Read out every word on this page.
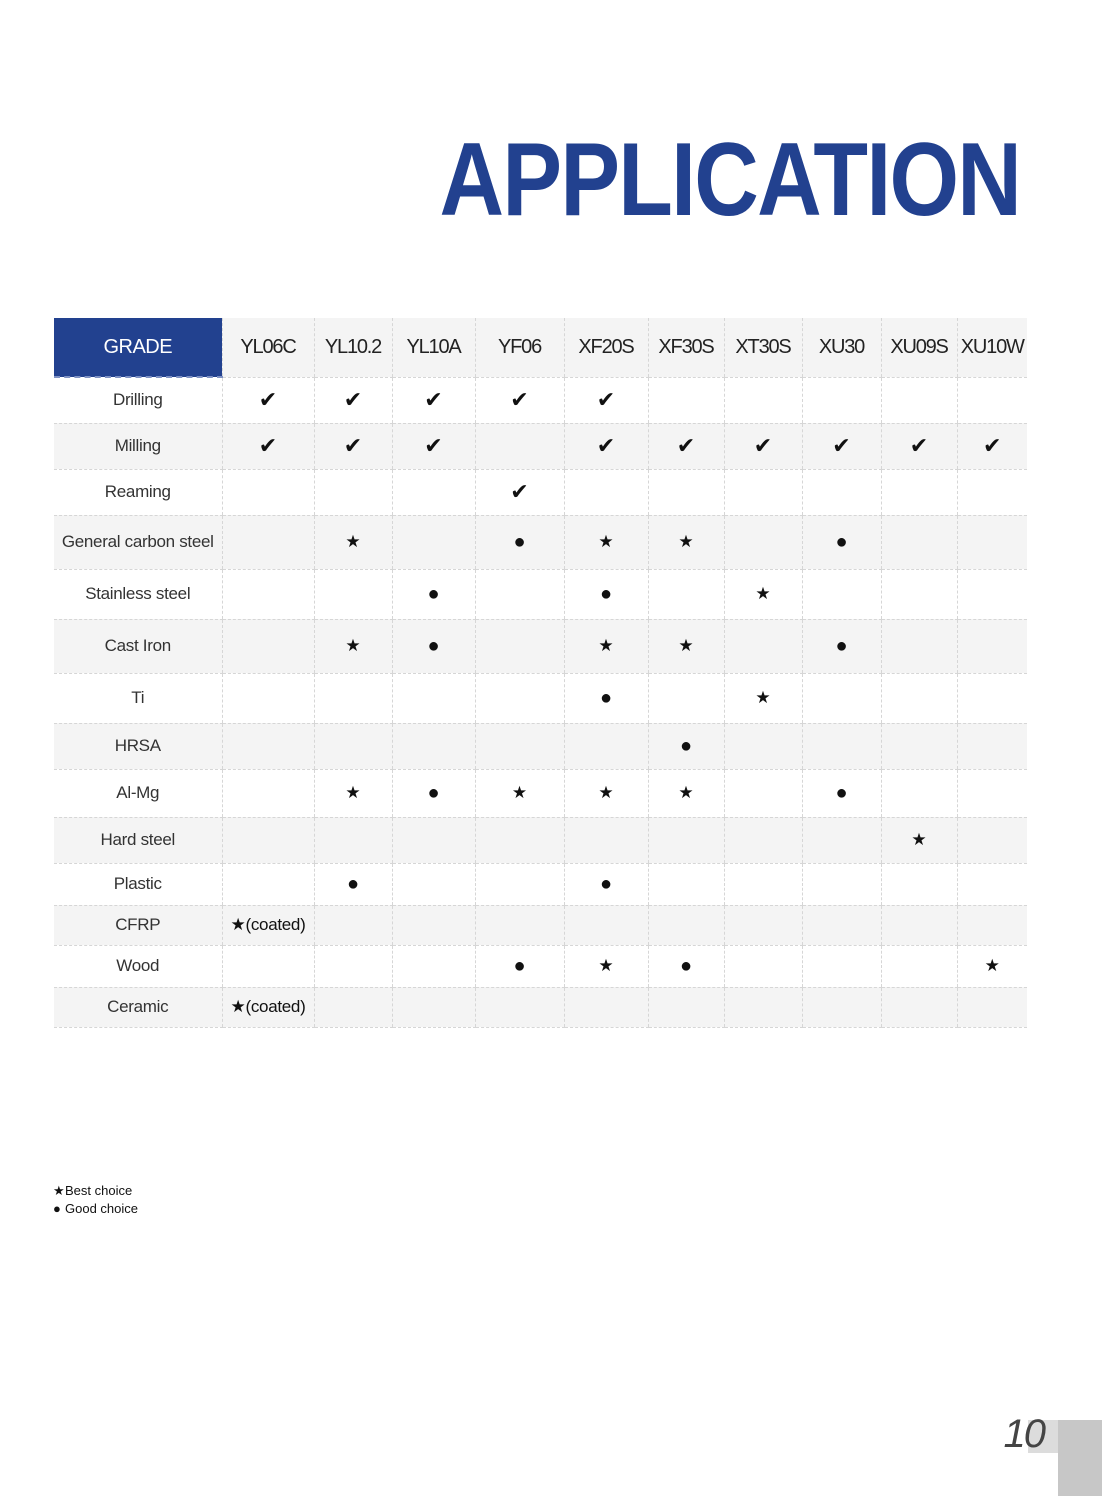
APPLICATION
GRADE	YL06C	YL10.2	YL10A	YF06	XF20S	XF30S	XT30S	XU30	XU09S	XU10W
Drilling	✔	✔	✔	✔	✔					
Milling	✔	✔	✔		✔	✔	✔	✔	✔	✔
Reaming				✔						
General carbon steel		★		●	★	★		●		
Stainless steel			●		●		★			
Cast Iron		★	●		★	★		●		
Ti					●		★			
HRSA						●				
Al-Mg		★	●	★	★	★		●		
Hard steel									★	
Plastic		●			●					
CFRP	★(coated)									
Wood				●	★	●				★
Ceramic	★(coated)									
★Best choice
● Good choice
10
